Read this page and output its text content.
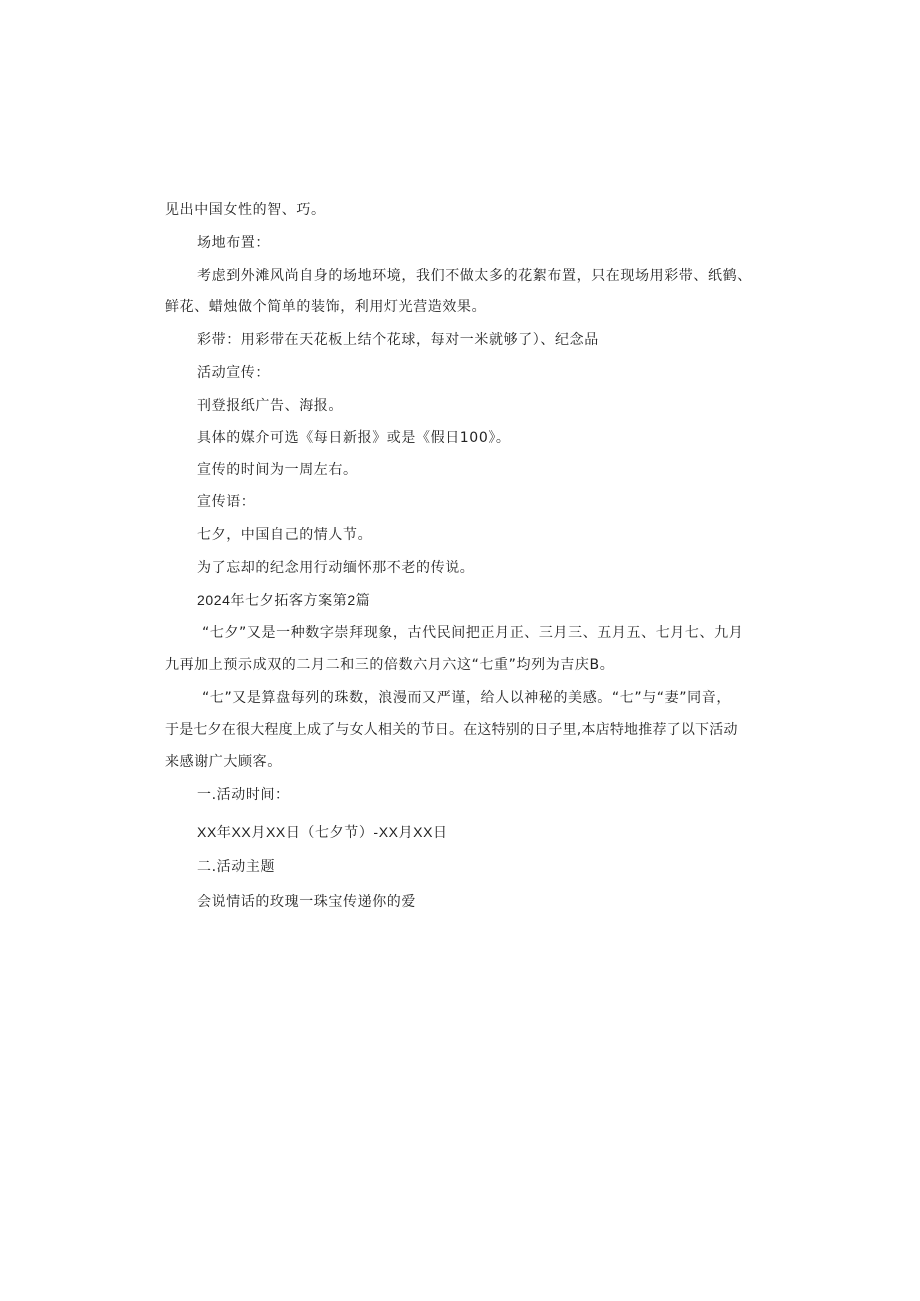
见出中国女性的智、巧。
场地布置：
考虑到外滩风尚自身的场地环境，我们不做太多的花絮布置，只在现场用彩带、纸鹤、
鲜花、蜡烛做个简单的装饰，利用灯光营造效果。
彩带：用彩带在天花板上结个花球，每对一米就够了）、纪念品
活动宣传：
刊登报纸广告、海报。
具体的媒介可选《每日新报》或是《假日100》。
宣传的时间为一周左右。
宣传语：
七夕，中国自己的情人节。
为了忘却的纪念用行动缅怀那不老的传说。
2024年七夕拓客方案第2篇
“七夕”又是一种数字崇拜现象，古代民间把正月正、三月三、五月五、七月七、九月
九再加上预示成双的二月二和三的倍数六月六这“七重”均列为吉庆B。
“七”又是算盘每列的珠数，浪漫而又严谨，给人以神秘的美感。“七”与“妻”同音，
于是七夕在很大程度上成了与女人相关的节日。在这特别的日子里,本店特地推荐了以下活动
来感谢广大顾客。
一.活动时间：
XX年XX月XX日（七夕节）-XX月XX日
二.活动主题
会说情话的玫瑰一珠宝传递你的爱
